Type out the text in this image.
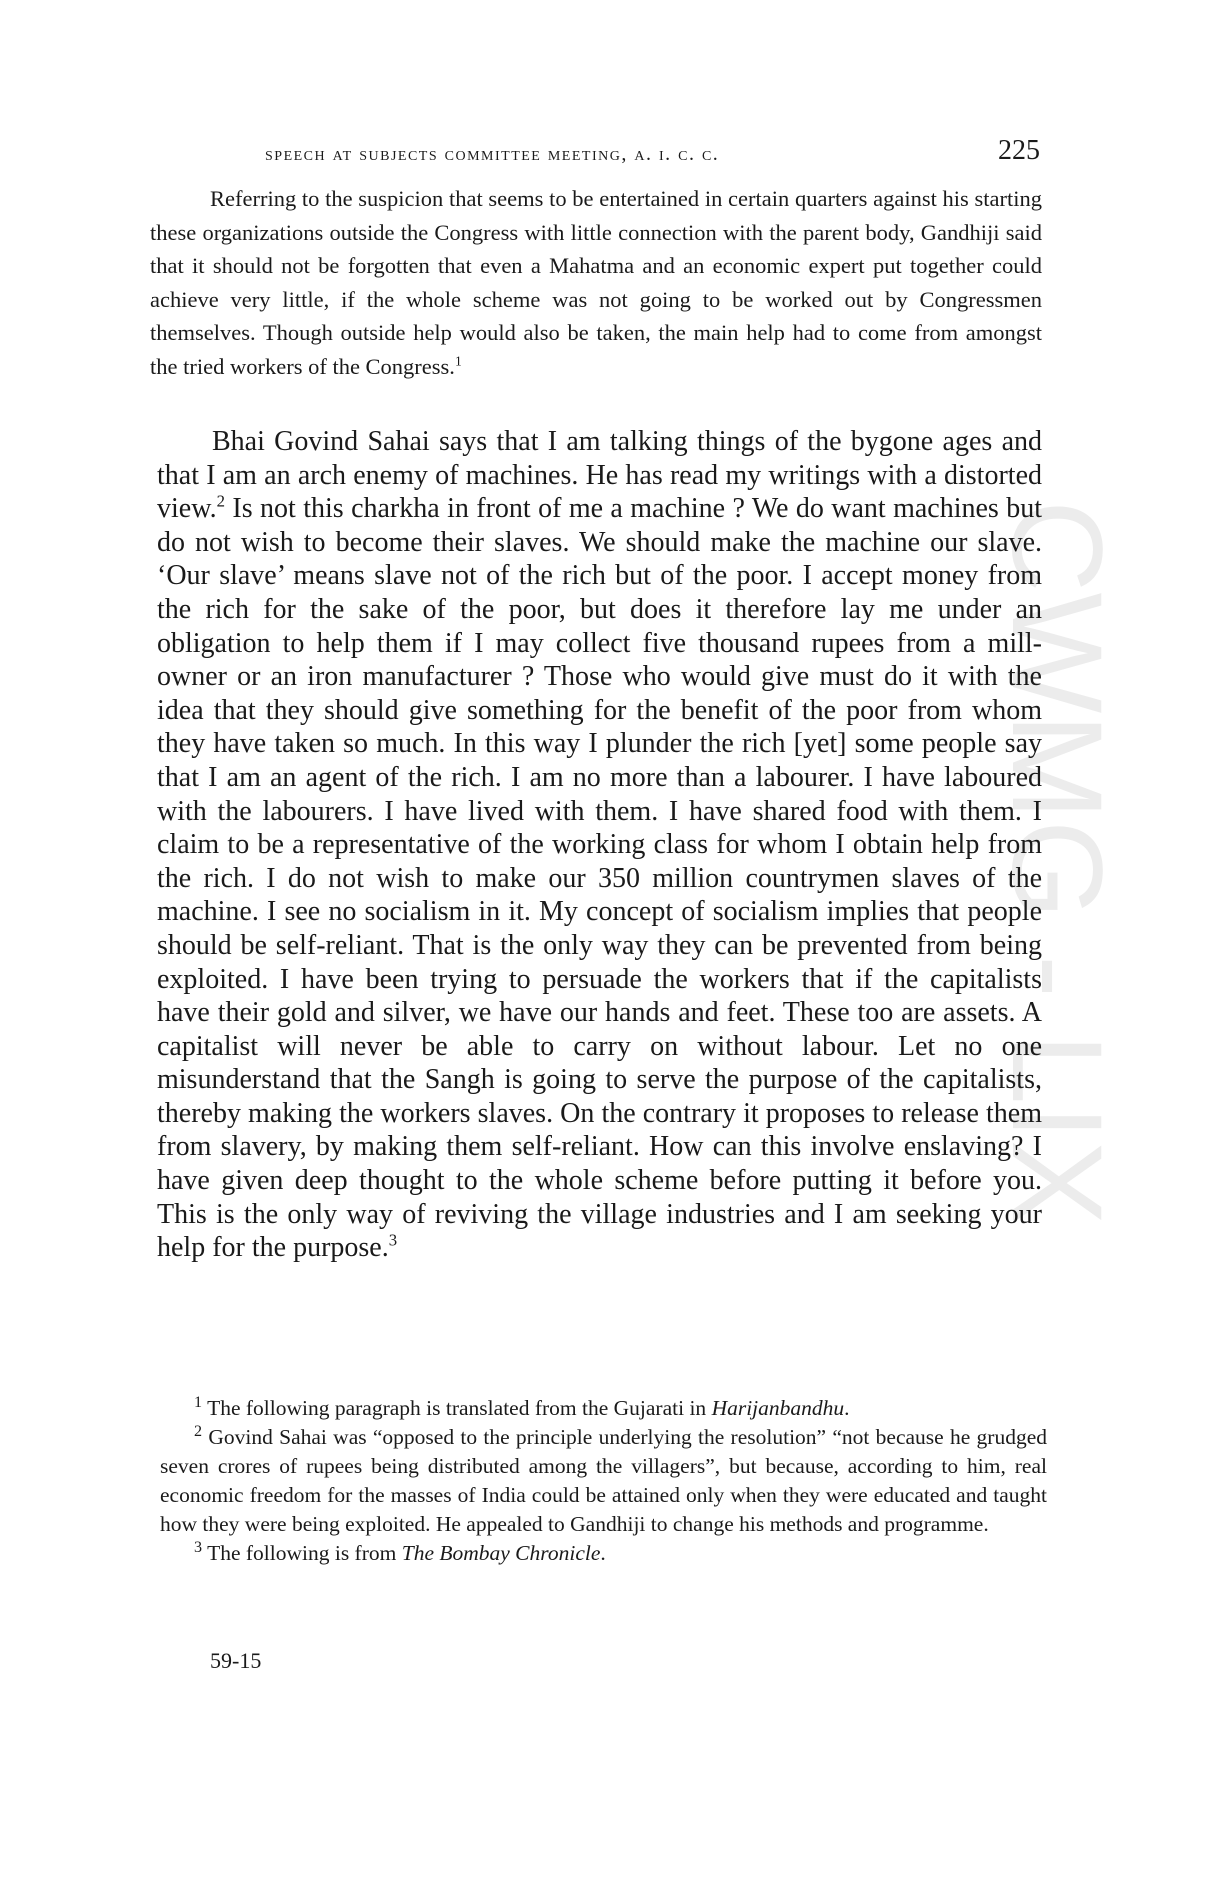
speech at subjects committee meeting, a. i. c. c.	225
CWMG - LIX

Referring to the suspicion that seems to be entertained in certain quarters against his starting these organizations outside the Congress with little connection with the parent body, Gandhiji said that it should not be forgotten that even a Mahatma and an economic expert put together could achieve very little, if the whole scheme was not going to be worked out by Congressmen themselves. Though outside help would also be taken, the main help had to come from amongst the tried workers of the Congress.$^1$

Bhai Govind Sahai says that I am talking things of the bygone ages and that I am an arch enemy of machines. He has read my writings with a distorted view.$^2$ Is not this charkha in front of me a machine ? We do want machines but do not wish to become their slaves. We should make the machine our slave. ‘Our slave’ means slave not of the rich but of the poor. I accept money from the rich for the sake of the poor, but does it therefore lay me under an obligation to help them if I may collect five thousand rupees from a mill-owner or an iron manufacturer ? Those who would give must do it with the idea that they should give something for the benefit of the poor from whom they have taken so much. In this way I plunder the rich [yet] some people say that I am an agent of the rich. I am no more than a labourer. I have laboured with the labourers. I have lived with them. I have shared food with them. I claim to be a representative of the working class for whom I obtain help from the rich. I do not wish to make our 350 million countrymen slaves of the machine. I see no socialism in it. My concept of socialism implies that people should be self-reliant. That is the only way they can be prevented from being exploited. I have been trying to persuade the workers that if the capitalists have their gold and silver, we have our hands and feet. These too are assets. A capitalist will never be able to carry on without labour. Let no one misunderstand that the Sangh is going to serve the purpose of the capitalists, thereby making the workers slaves. On the contrary it proposes to release them from slavery, by making them self-reliant. How can this involve enslaving? I have given deep thought to the whole scheme before putting it before you. This is the only way of reviving the village industries and I am seeking your help for the purpose.$^3$

$^1$ The following paragraph is translated from the Gujarati in Harijanbandhu.

$^2$ Govind Sahai was “opposed to the principle underlying the resolution” “not because he grudged seven crores of rupees being distributed among the villagers”, but because, according to him, real economic freedom for the masses of India could be attained only when they were educated and taught how they were being exploited. He appealed to Gandhiji to change his methods and programme.

$^3$ The following is from The Bombay Chronicle.

59-15
